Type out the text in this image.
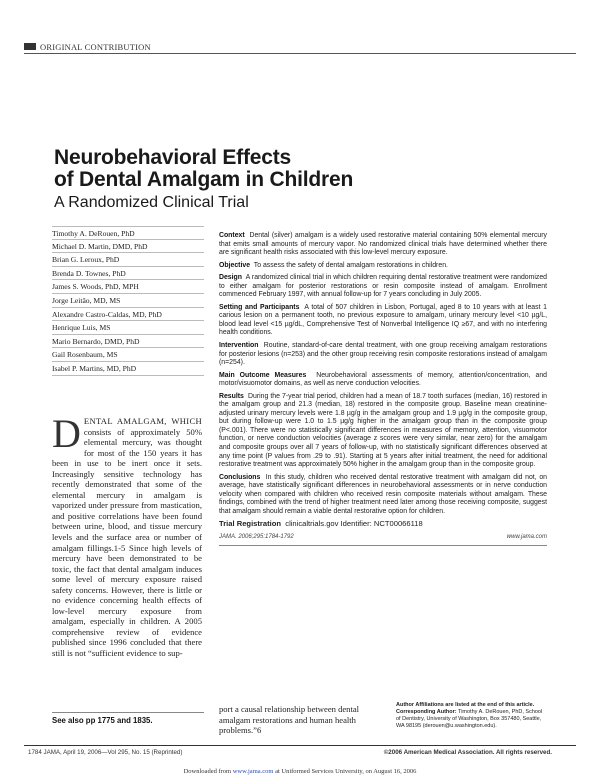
ORIGINAL CONTRIBUTION
Neurobehavioral Effects
of Dental Amalgam in Children
A Randomized Clinical Trial
Timothy A. DeRouen, PhD
Michael D. Martin, DMD, PhD
Brian G. Leroux, PhD
Brenda D. Townes, PhD
James S. Woods, PhD, MPH
Jorge Leitão, MD, MS
Alexandre Castro-Caldas, MD, PhD
Henrique Luis, MS
Mario Bernardo, DMD, PhD
Gail Rosenbaum, MS
Isabel P. Martins, MD, PhD

Context Dental (silver) amalgam is a widely used restorative material containing 50% elemental mercury that emits small amounts of mercury vapor. No randomized clinical trials have determined whether there are significant health risks associated with this low-level mercury exposure.

Objective To assess the safety of dental amalgam restorations in children.

Design A randomized clinical trial in which children requiring dental restorative treatment were randomized to either amalgam for posterior restorations or resin composite instead of amalgam. Enrollment commenced February 1997, with annual follow-up for 7 years concluding in July 2005.

Setting and Participants A total of 507 children in Lisbon, Portugal, aged 8 to 10 years with at least 1 carious lesion on a permanent tooth, no previous exposure to amalgam, urinary mercury level <10 µg/L, blood lead level <15 µg/dL, Comprehensive Test of Nonverbal Intelligence IQ ≥67, and with no interfering health conditions.

Intervention Routine, standard-of-care dental treatment, with one group receiving amalgam restorations for posterior lesions (n=253) and the other group receiving resin composite restorations instead of amalgam (n=254).

Main Outcome Measures Neurobehavioral assessments of memory, attention/concentration, and motor/visuomotor domains, as well as nerve conduction velocities.

Results During the 7-year trial period, children had a mean of 18.7 tooth surfaces (median, 16) restored in the amalgam group and 21.3 (median, 18) restored in the composite group. Baseline mean creatinine-adjusted urinary mercury levels were 1.8 µg/g in the amalgam group and 1.9 µg/g in the composite group, but during follow-up were 1.0 to 1.5 µg/g higher in the amalgam group than in the composite group (P<.001). There were no statistically significant differences in measures of memory, attention, visuomotor function, or nerve conduction velocities (average z scores were very similar, near zero) for the amalgam and composite groups over all 7 years of follow-up, with no statistically significant differences observed at any time point (P values from .29 to .91). Starting at 5 years after initial treatment, the need for additional restorative treatment was approximately 50% higher in the amalgam group than in the composite group.

Conclusions In this study, children who received dental restorative treatment with amalgam did not, on average, have statistically significant differences in neurobehavioral assessments or in nerve conduction velocity when compared with children who received resin composite materials without amalgam. These findings, combined with the trend of higher treatment need later among those receiving composite, suggest that amalgam should remain a viable dental restorative option for children.

Trial Registration clinicaltrials.gov Identifier: NCT00066118

JAMA. 2006;295:1784-1792	www.jama.com
DENTAL AMALGAM, WHICH consists of approximately 50% elemental mercury, was thought for most of the 150 years it has been in use to be inert once it sets. Increasingly sensitive technology has recently demonstrated that some of the elemental mercury in amalgam is vaporized under pressure from mastication, and positive correlations have been found between urine, blood, and tissue mercury levels and the surface area or number of amalgam fillings.1-5 Since high levels of mercury have been demonstrated to be toxic, the fact that dental amalgam induces some level of mercury exposure raised safety concerns. However, there is little or no evidence concerning health effects of low-level mercury exposure from amalgam, especially in children. A 2005 comprehensive review of evidence published since 1996 concluded that there still is not “sufficient evidence to sup-
See also pp 1775 and 1835.
port a causal relationship between dental amalgam restorations and human health problems.”6
Author Affiliations are listed at the end of this article.
Corresponding Author: Timothy A. DeRouen, PhD, School of Dentistry, University of Washington, Box 357480, Seattle, WA 98195 (derouen@u.washington.edu).
1784 JAMA, April 19, 2006—Vol 295, No. 15 (Reprinted)	©2006 American Medical Association. All rights reserved.
Downloaded from www.jama.com at Uniformed Services University, on August 16, 2006
